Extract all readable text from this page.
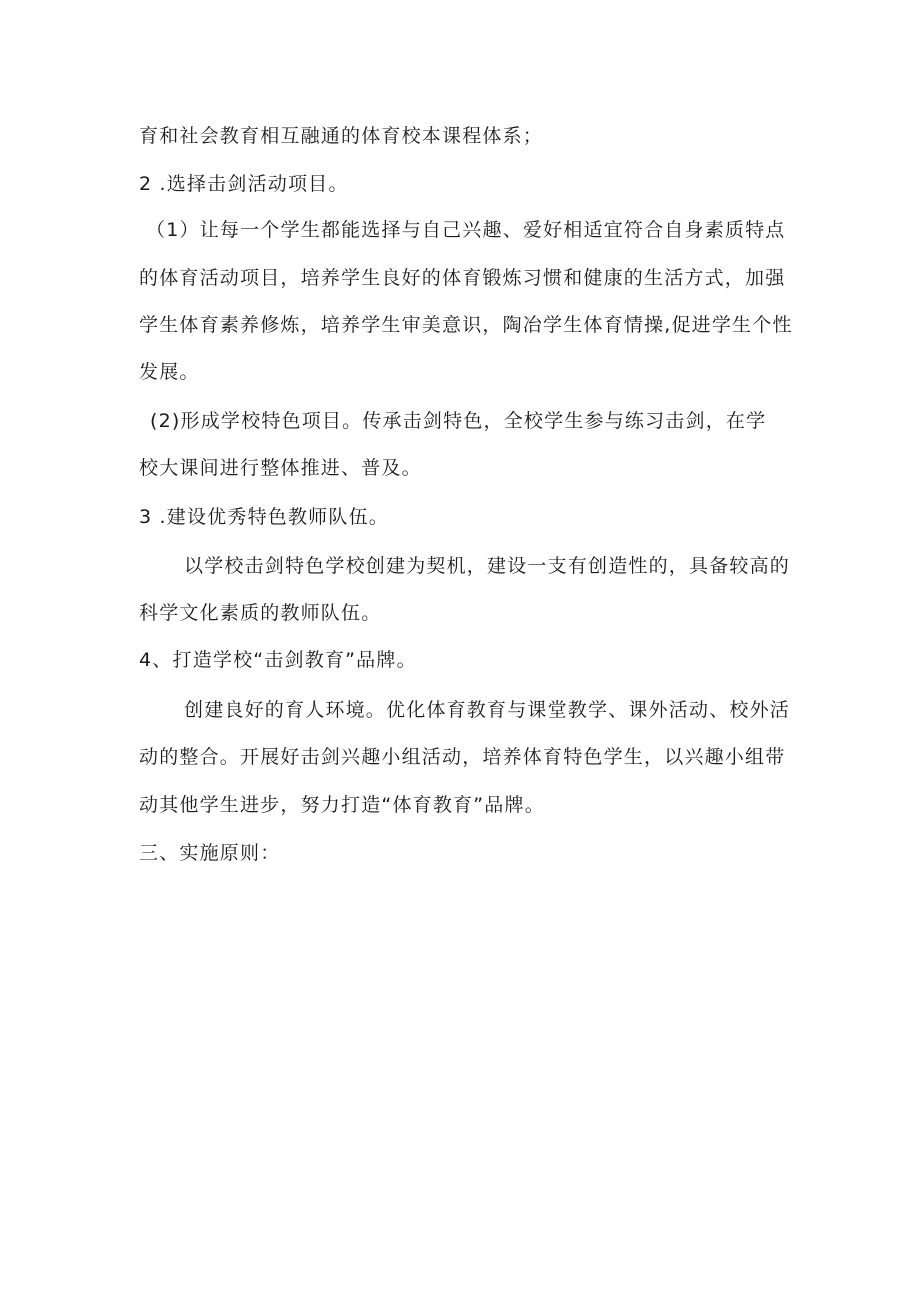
育和社会教育相互融通的体育校本课程体系；
2 .选择击剑活动项目。
（1）让每一个学生都能选择与自己兴趣、爱好相适宜符合自身素质特点
的体育活动项目，培养学生良好的体育锻炼习惯和健康的生活方式，加强
学生体育素养修炼，培养学生审美意识，陶冶学生体育情操,促进学生个性
发展。
(2)形成学校特色项目。传承击剑特色，全校学生参与练习击剑，在学
校大课间进行整体推进、普及。
3 .建设优秀特色教师队伍。
以学校击剑特色学校创建为契机，建设一支有创造性的，具备较高的
科学文化素质的教师队伍。
4、打造学校“击剑教育”品牌。
创建良好的育人环境。优化体育教育与课堂教学、课外活动、校外活
动的整合。开展好击剑兴趣小组活动，培养体育特色学生，以兴趣小组带
动其他学生进步，努力打造“体育教育”品牌。
三、实施原则：
